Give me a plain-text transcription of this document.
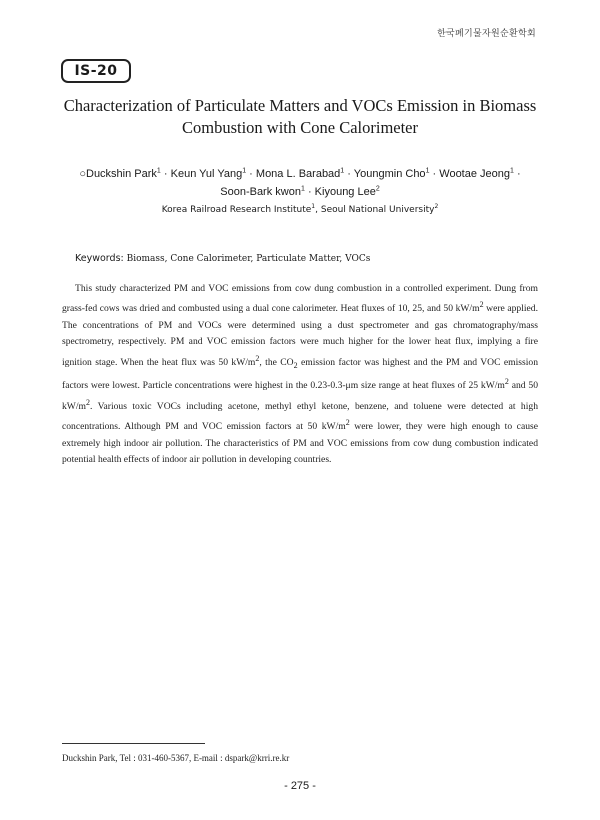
한국폐기물자원순환학회
IS-20
Characterization of Particulate Matters and VOCs Emission in Biomass
Combustion with Cone Calorimeter
○Duckshin Park$^1$ · Keun Yul Yang$^1$ · Mona L. Barabad$^1$ · Youngmin Cho$^1$ · Wootae Jeong$^1$ ·
Soon-Bark kwon$^1$ · Kiyoung Lee$^2$
Korea Railroad Research Institute$^1$, Seoul National University$^2$
Keywords: Biomass, Cone Calorimeter, Particulate Matter, VOCs
This study characterized PM and VOC emissions from cow dung combustion in a controlled experiment. Dung from grass-fed cows was dried and combusted using a dual cone calorimeter. Heat fluxes of 10, 25, and 50 $kW/m^2$ were applied. The concentrations of PM and VOCs were determined using a dust spectrometer and gas chromatography/mass spectrometry, respectively. PM and VOC emission factors were much higher for the lower heat flux, implying a fire ignition stage. When the heat flux was 50 $kW/m^2$, the $CO_2$ emission factor was highest and the PM and VOC emission factors were lowest. Particle concentrations were highest in the 0.23-0.3-μm size range at heat fluxes of 25 $kW/m^2$ and 50 $kW/m^2$. Various toxic VOCs including acetone, methyl ethyl ketone, benzene, and toluene were detected at high concentrations. Although PM and VOC emission factors at 50 $kW/m^2$ were lower, they were high enough to cause extremely high indoor air pollution. The characteristics of PM and VOC emissions from cow dung combustion indicated potential health effects of indoor air pollution in developing countries.
Duckshin Park, Tel : 031-460-5367, E-mail : dspark@krri.re.kr
- 275 -
